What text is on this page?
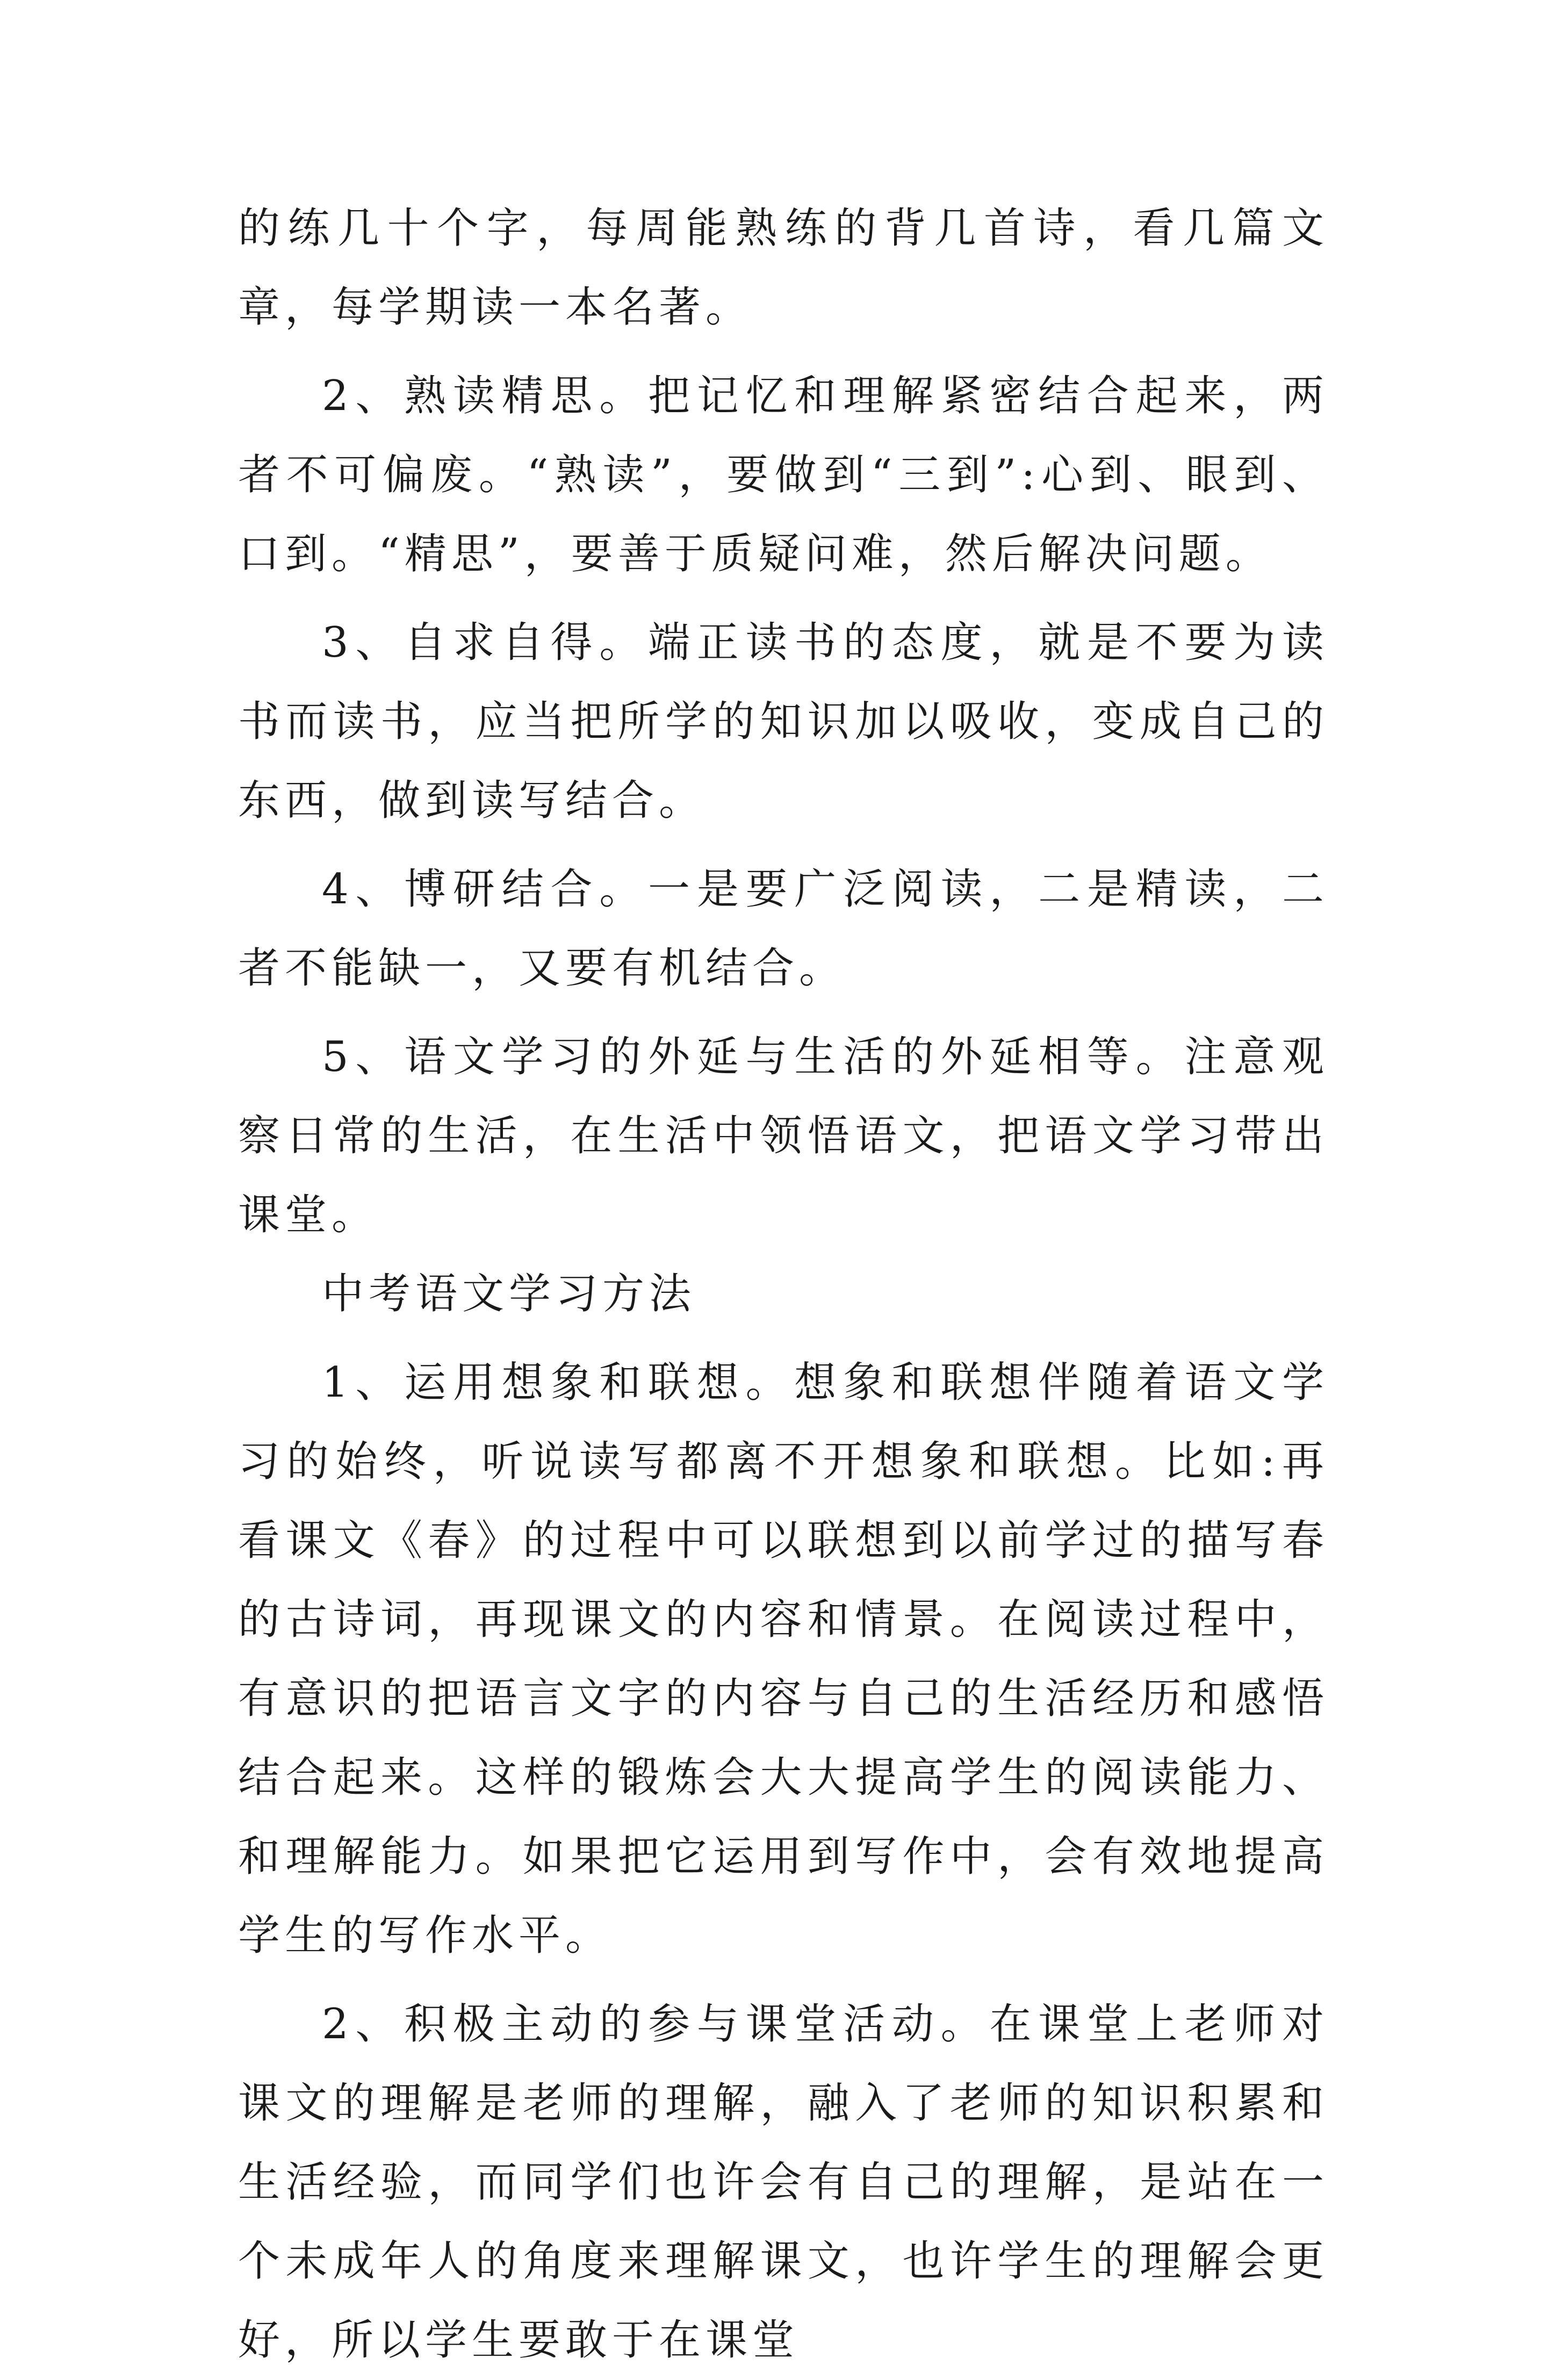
的练几十个字，每周能熟练的背几首诗，看几篇文章，每学期读一本名著。

2、熟读精思。把记忆和理解紧密结合起来，两者不可偏废。“熟读”，要做到“三到”:心到、眼到、口到。“精思”，要善于质疑问难，然后解决问题。

3、自求自得。端正读书的态度，就是不要为读书而读书，应当把所学的知识加以吸收，变成自己的东西，做到读写结合。

4、博研结合。一是要广泛阅读，二是精读，二者不能缺一，又要有机结合。

5、语文学习的外延与生活的外延相等。注意观察日常的生活，在生活中领悟语文，把语文学习带出课堂。

中考语文学习方法

1、运用想象和联想。想象和联想伴随着语文学习的始终，听说读写都离不开想象和联想。比如:再看课文《春》的过程中可以联想到以前学过的描写春的古诗词，再现课文的内容和情景。在阅读过程中，有意识的把语言文字的内容与自己的生活经历和感悟结合起来。这样的锻炼会大大提高学生的阅读能力、和理解能力。如果把它运用到写作中，会有效地提高学生的写作水平。

2、积极主动的参与课堂活动。在课堂上老师对课文的理解是老师的理解，融入了老师的知识积累和生活经验，而同学们也许会有自己的理解，是站在一个未成年人的角度来理解课文，也许学生的理解会更好，所以学生要敢于在课堂
